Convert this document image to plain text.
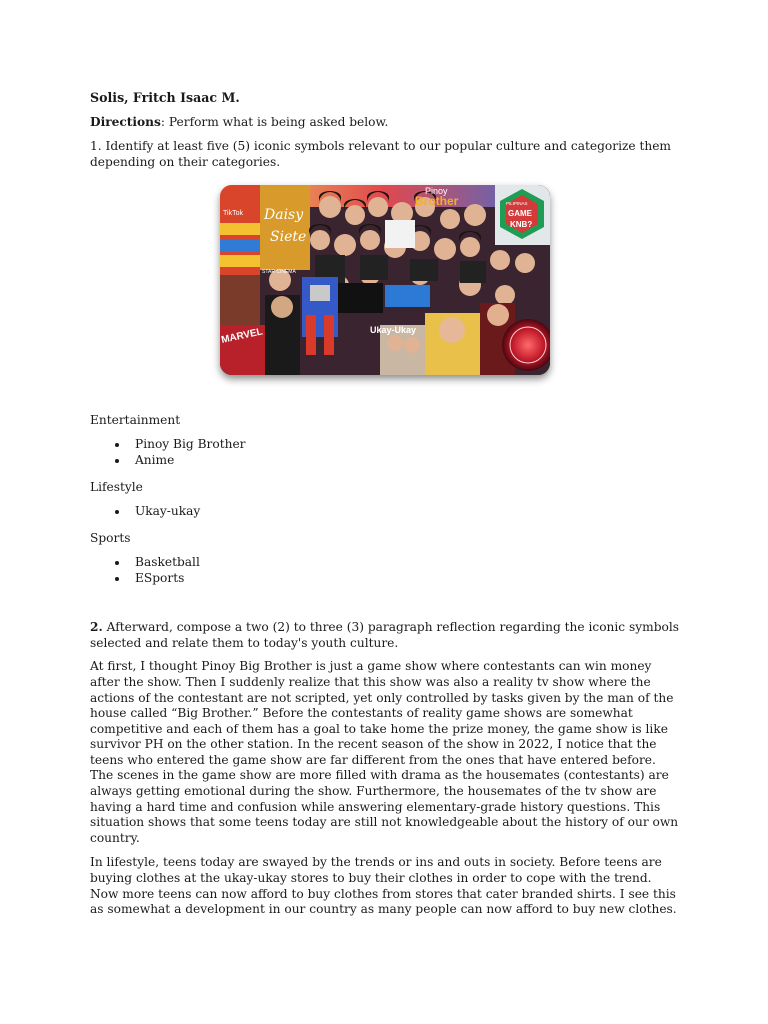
Solis, Fritch Isaac M.

Directions: Perform what is being asked below.

1. Identify at least five (5) iconic symbols relevant to our popular culture and categorize them depending on their categories.

TikTok Daisy
Siete
Pinoy
Brother	PILIPINAS
GAME
KNB?
STAR CINEMA
MARVEL	Ukay-Ukay

Entertainment

Pinoy Big Brother
Anime

Lifestyle

Ukay-ukay

Sports

Basketball
ESports

2. Afterward, compose a two (2) to three (3) paragraph reflection regarding the iconic symbols selected and relate them to today's youth culture.

At first, I thought Pinoy Big Brother is just a game show where contestants can win money after the show. Then I suddenly realize that this show was also a reality tv show where the actions of the contestant are not scripted, yet only controlled by tasks given by the man of the house called “Big Brother.” Before the contestants of reality game shows are somewhat competitive and each of them has a goal to take home the prize money, the game show is like survivor PH on the other station. In the recent season of the show in 2022, I notice that the teens who entered the game show are far different from the ones that have entered before. The scenes in the game show are more filled with drama as the housemates (contestants) are always getting emotional during the show. Furthermore, the housemates of the tv show are having a hard time and confusion while answering elementary-grade history questions. This situation shows that some teens today are still not knowledgeable about the history of our own country.

In lifestyle, teens today are swayed by the trends or ins and outs in society. Before teens are buying clothes at the ukay-ukay stores to buy their clothes in order to cope with the trend. Now more teens can now afford to buy clothes from stores that cater branded shirts. I see this as somewhat a development in our country as many people can now afford to buy new clothes.
